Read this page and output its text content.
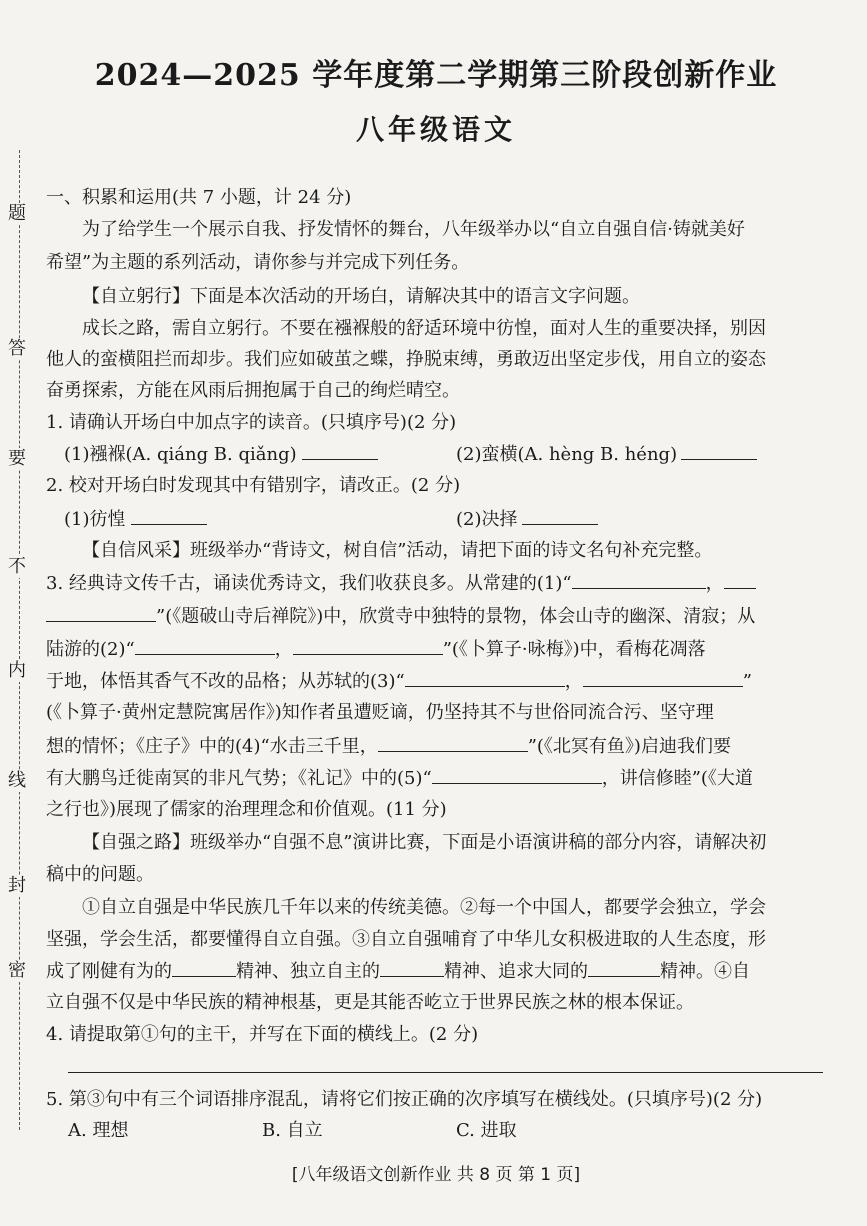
题
答
要
不
内
线
封
密
2024—2025 学年度第二学期第三阶段创新作业
八年级语文
一、积累和运用(共 7 小题，计 24 分)
为了给学生一个展示自我、抒发情怀的舞台，八年级举办以“自立自强自信·铸就美好
希望”为主题的系列活动，请你参与并完成下列任务。
【自立躬行】下面是本次活动的开场白，请解决其中的语言文字问题。
成长之路，需自立躬行。不要在襁褓般的舒适环境中彷惶，面对人生的重要决择，别因
他人的蛮横阻拦而却步。我们应如破茧之蝶，挣脱束缚，勇敢迈出坚定步伐，用自立的姿态
奋勇探索，方能在风雨后拥抱属于自己的绚烂晴空。
1. 请确认开场白中加点字的读音。(只填序号)(2 分)
(1)襁褓(A. qiáng B. qiǎng)	(2)蛮横(A. hèng B. héng)
2. 校对开场白时发现其中有错别字，请改正。(2 分)
(1)彷惶	(2)决择
【自信风采】班级举办“背诗文，树自信”活动，请把下面的诗文名句补充完整。
3. 经典诗文传千古，诵读优秀诗文，我们收获良多。从常建的(1)“	，
”(《题破山寺后禅院》)中，欣赏寺中独特的景物，体会山寺的幽深、清寂；从
陆游的(2)“	，	”(《卜算子·咏梅》)中，看梅花凋落
于地，体悟其香气不改的品格；从苏轼的(3)“	，	”
(《卜算子·黄州定慧院寓居作》)知作者虽遭贬谪，仍坚持其不与世俗同流合污、坚守理
想的情怀；《庄子》中的(4)“水击三千里，	”(《北冥有鱼》)启迪我们要
有大鹏鸟迁徙南冥的非凡气势；《礼记》中的(5)“	，讲信修睦”(《大道
之行也》)展现了儒家的治理理念和价值观。(11 分)
【自强之路】班级举办“自强不息”演讲比赛，下面是小语演讲稿的部分内容，请解决初
稿中的问题。
①自立自强是中华民族几千年以来的传统美德。②每一个中国人，都要学会独立，学会
坚强，学会生活，都要懂得自立自强。③自立自强哺育了中华儿女积极进取的人生态度，形
成了刚健有为的	精神、独立自主的	精神、追求大同的	精神。④自
立自强不仅是中华民族的精神根基，更是其能否屹立于世界民族之林的根本保证。
4. 请提取第①句的主干，并写在下面的横线上。(2 分)
5. 第③句中有三个词语排序混乱，请将它们按正确的次序填写在横线处。(只填序号)(2 分)
A. 理想	B. 自立	C. 进取
[八年级语文创新作业 共 8 页 第 1 页]
